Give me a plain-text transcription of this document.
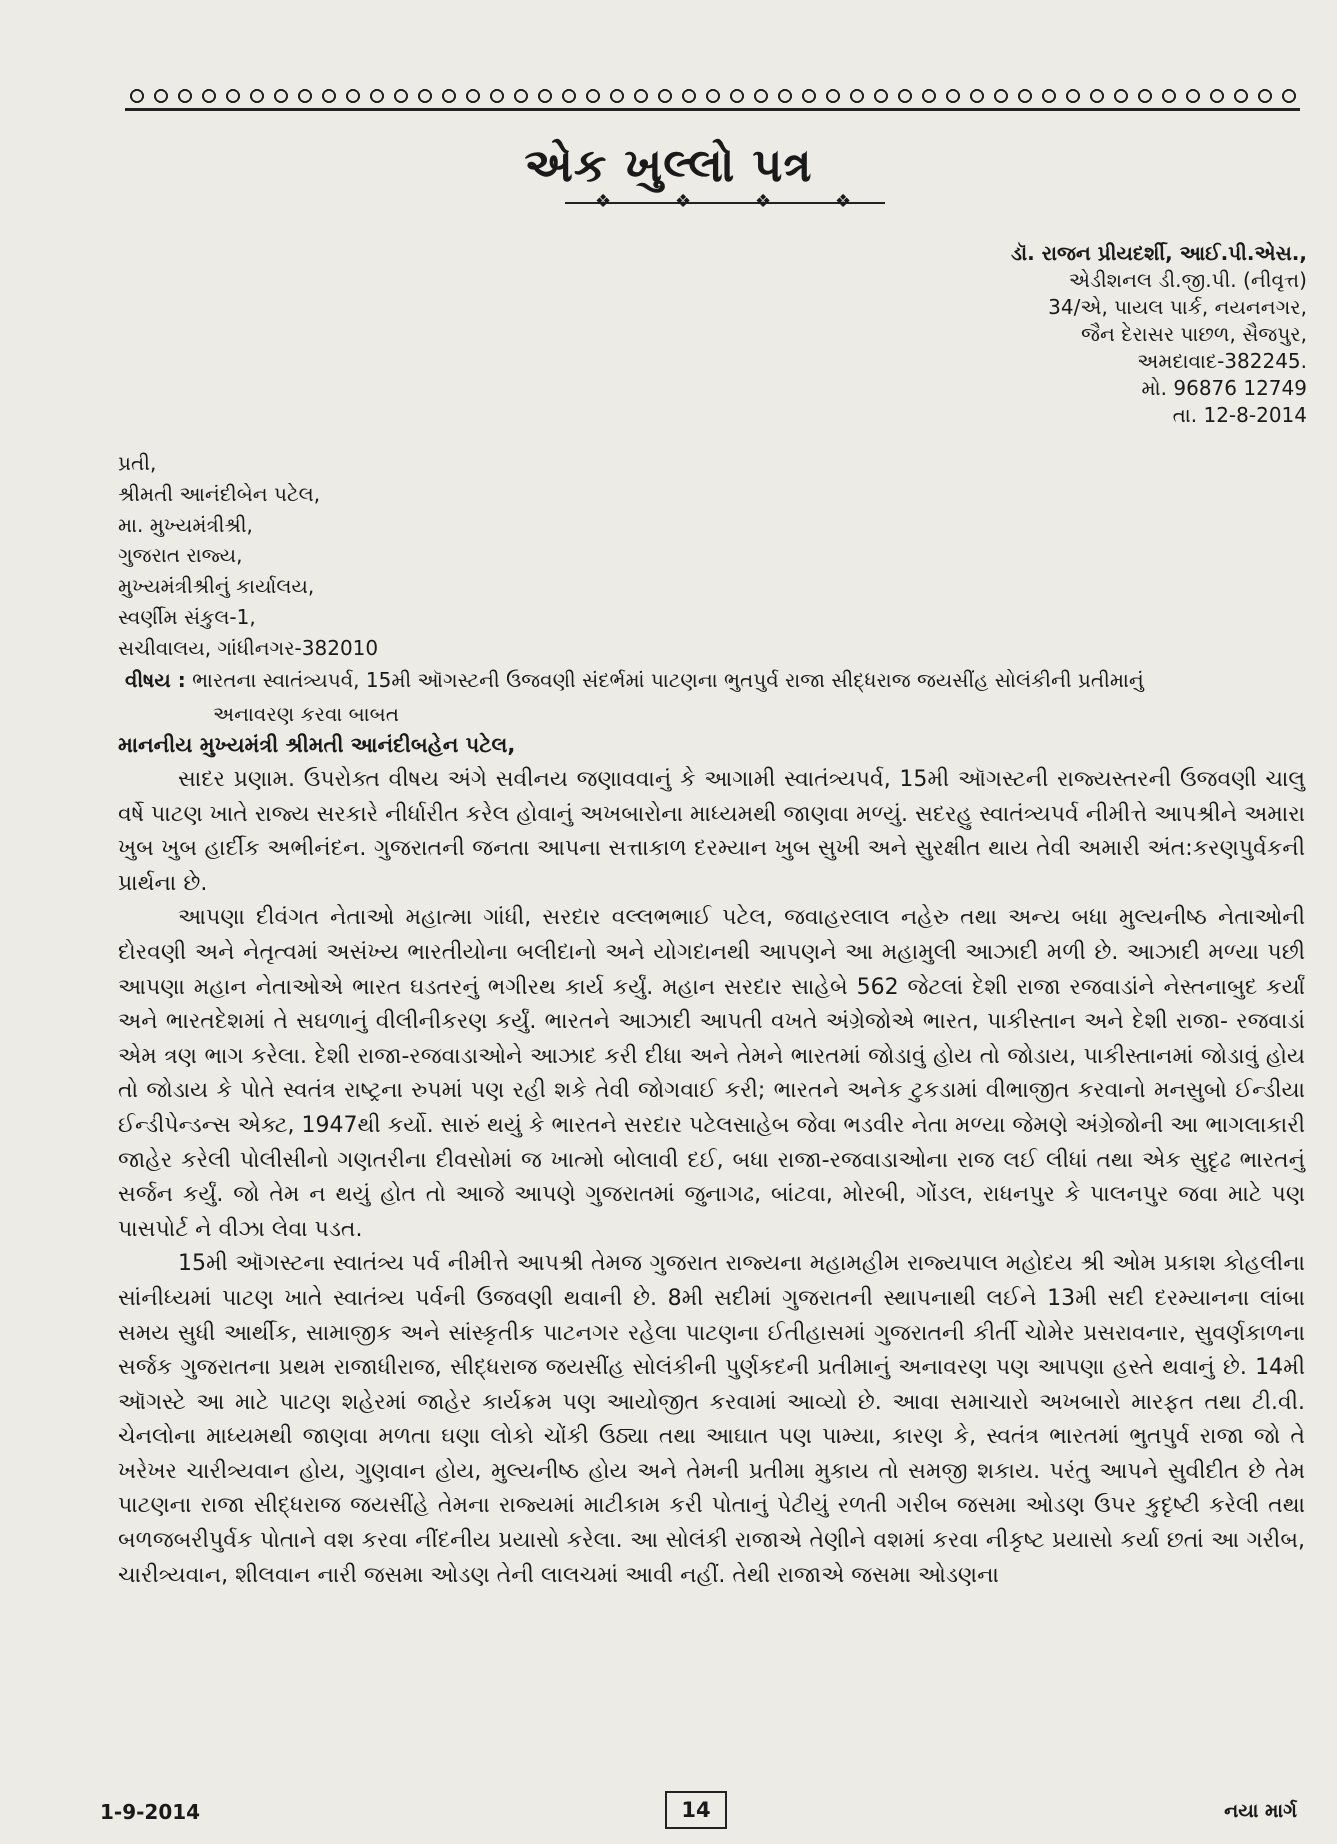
એક ખુલ્લો પત્ર
❖	❖	❖	❖
ડૉ. રાજન પ્રીયદર્શી, આઈ.પી.એસ.,
એડીશનલ ડી.જી.પી. (નીવૃત્ત)
34/એ, પાયલ પાર્ક, નયનનગર,
જૈન દેરાસર પાછળ, સૈજપુર,
અમદાવાદ-382245.
મો. 96876 12749
તા. 12-8-2014
પ્રતી,
શ્રીમતી આનંદીબેન પટેલ,
મા. મુખ્યમંત્રીશ્રી,
ગુજરાત રાજ્ય,
મુખ્યમંત્રીશ્રીનું કાર્યાલય,
સ્વર્ણીમ સંકુલ-1,
સચીવાલય, ગાંધીનગર-382010
વીષય : ભારતના સ્વાતંત્ર્યપર્વ, 15મી ઑગસ્ટની ઉજવણી સંદર્ભમાં પાટણના ભુતપુર્વ રાજા સીદ્ધરાજ જયસીંહ સોલંકીની પ્રતીમાનું
અનાવરણ કરવા બાબત
માનનીય મુખ્યમંત્રી શ્રીમતી આનંદીબહેન પટેલ,

સાદર પ્રણામ. ઉપરોક્ત વીષય અંગે સવીનય જણાવવાનું કે આગામી સ્વાતંત્ર્યપર્વ, 15મી ઑગસ્ટની રાજ્યસ્તરની ઉજવણી ચાલુ વર્ષે પાટણ ખાતે રાજ્ય સરકારે નીર્ધારીત કરેલ હોવાનું અખબારોના માધ્યમથી જાણવા મળ્યું. સદરહુ સ્વાતંત્ર્યપર્વ નીમીત્તે આપશ્રીને અમારા ખુબ ખુબ હાર્દીક અભીનંદન. ગુજરાતની જનતા આપના સત્તાકાળ દરમ્યાન ખુબ સુખી અને સુરક્ષીત થાય તેવી અમારી અંત:કરણપુર્વકની પ્રાર્થના છે.

આપણા દીવંગત નેતાઓ મહાત્મા ગાંધી, સરદાર વલ્લભભાઈ પટેલ, જવાહરલાલ નહેરુ તથા અન્ય બધા મુલ્યનીષ્ઠ નેતાઓની દોરવણી અને નેતૃત્વમાં અસંખ્ય ભારતીયોના બલીદાનો અને યોગદાનથી આપણને આ મહામુલી આઝાદી મળી છે. આઝાદી મળ્યા પછી આપણા મહાન નેતાઓએ ભારત ઘડતરનું ભગીરથ કાર્ય કર્યું. મહાન સરદાર સાહેબે 562 જેટલાં દેશી રાજા રજવાડાંને નેસ્તનાબુદ કર્યાં અને ભારતદેશમાં તે સઘળાનું વીલીનીકરણ કર્યું. ભારતને આઝાદી આપતી વખતે અંગ્રેજોએ ભારત, પાકીસ્તાન અને દેશી રાજા- રજવાડાં એમ ત્રણ ભાગ કરેલા. દેશી રાજા-રજવાડાઓને આઝાદ કરી દીધા અને તેમને ભારતમાં જોડાવું હોય તો જોડાય, પાકીસ્તાનમાં જોડાવું હોય તો જોડાય કે પોતે સ્વતંત્ર રાષ્ટ્રના રુપમાં પણ રહી શકે તેવી જોગવાઈ કરી; ભારતને અનેક ટુકડામાં વીભાજીત કરવાનો મનસુબો ઈન્ડીયા ઈન્ડીપેન્ડન્સ એક્ટ, 1947થી કર્યો. સારું થયું કે ભારતને સરદાર પટેલસાહેબ જેવા ભડવીર નેતા મળ્યા જેમણે અંગ્રેજોની આ ભાગલાકારી જાહેર કરેલી પોલીસીનો ગણતરીના દીવસોમાં જ ખાત્મો બોલાવી દઈ, બધા રાજા-રજવાડાઓના રાજ લઈ લીધાં તથા એક સુદૃઢ ભારતનું સર્જન કર્યું. જો તેમ ન થયું હોત તો આજે આપણે ગુજરાતમાં જુનાગઢ, બાંટવા, મોરબી, ગોંડલ, રાધનપુર કે પાલનપુર જવા માટે પણ પાસપોર્ટ ને વીઝા લેવા પડત.

15મી ઑગસ્ટના સ્વાતંત્ર્ય પર્વ નીમીત્તે આપશ્રી તેમજ ગુજરાત રાજ્યના મહામહીમ રાજ્યપાલ મહોદય શ્રી ઓમ પ્રકાશ કોહલીના સાંનીધ્યમાં પાટણ ખાતે સ્વાતંત્ર્ય પર્વની ઉજવણી થવાની છે. 8મી સદીમાં ગુજરાતની સ્થાપનાથી લઈને 13મી સદી દરમ્યાનના લાંબા સમય સુધી આર્થીક, સામાજીક અને સાંસ્કૃતીક પાટનગર રહેલા પાટણના ઈતીહાસમાં ગુજરાતની કીર્તી ચોમેર પ્રસરાવનાર, સુવર્ણકાળના સર્જક ગુજરાતના પ્રથમ રાજાધીરાજ, સીદ્ધરાજ જયસીંહ સોલંકીની પુર્ણકદની પ્રતીમાનું અનાવરણ પણ આપણા હસ્તે થવાનું છે. 14મી ઑગસ્ટે આ માટે પાટણ શહેરમાં જાહેર કાર્યક્રમ પણ આયોજીત કરવામાં આવ્યો છે. આવા સમાચારો અખબારો મારફત તથા ટી.વી. ચેનલોના માધ્યમથી જાણવા મળતા ઘણા લોકો ચોંકી ઉઠ્યા તથા આઘાત પણ પામ્યા, કારણ કે, સ્વતંત્ર ભારતમાં ભુતપુર્વ રાજા જો તે ખરેખર ચારીત્ર્યવાન હોય, ગુણવાન હોય, મુલ્યનીષ્ઠ હોય અને તેમની પ્રતીમા મુકાય તો સમજી શકાય. પરંતુ આપને સુવીદીત છે તેમ પાટણના રાજા સીદ્ધરાજ જયસીંહે તેમના રાજ્યમાં માટીકામ કરી પોતાનું પેટીયું રળતી ગરીબ જસમા ઓડણ ઉપર કુદૃષ્ટી કરેલી તથા બળજબરીપુર્વક પોતાને વશ કરવા નીંદનીય પ્રયાસો કરેલા. આ સોલંકી રાજાએ તેણીને વશમાં કરવા નીકૃષ્ટ પ્રયાસો કર્યા છતાં આ ગરીબ, ચારીત્ર્યવાન, શીલવાન નારી જસમા ઓડણ તેની લાલચમાં આવી નહીં. તેથી રાજાએ જસમા ઓડણના

1-9-2014	14	નયા માર્ગ
